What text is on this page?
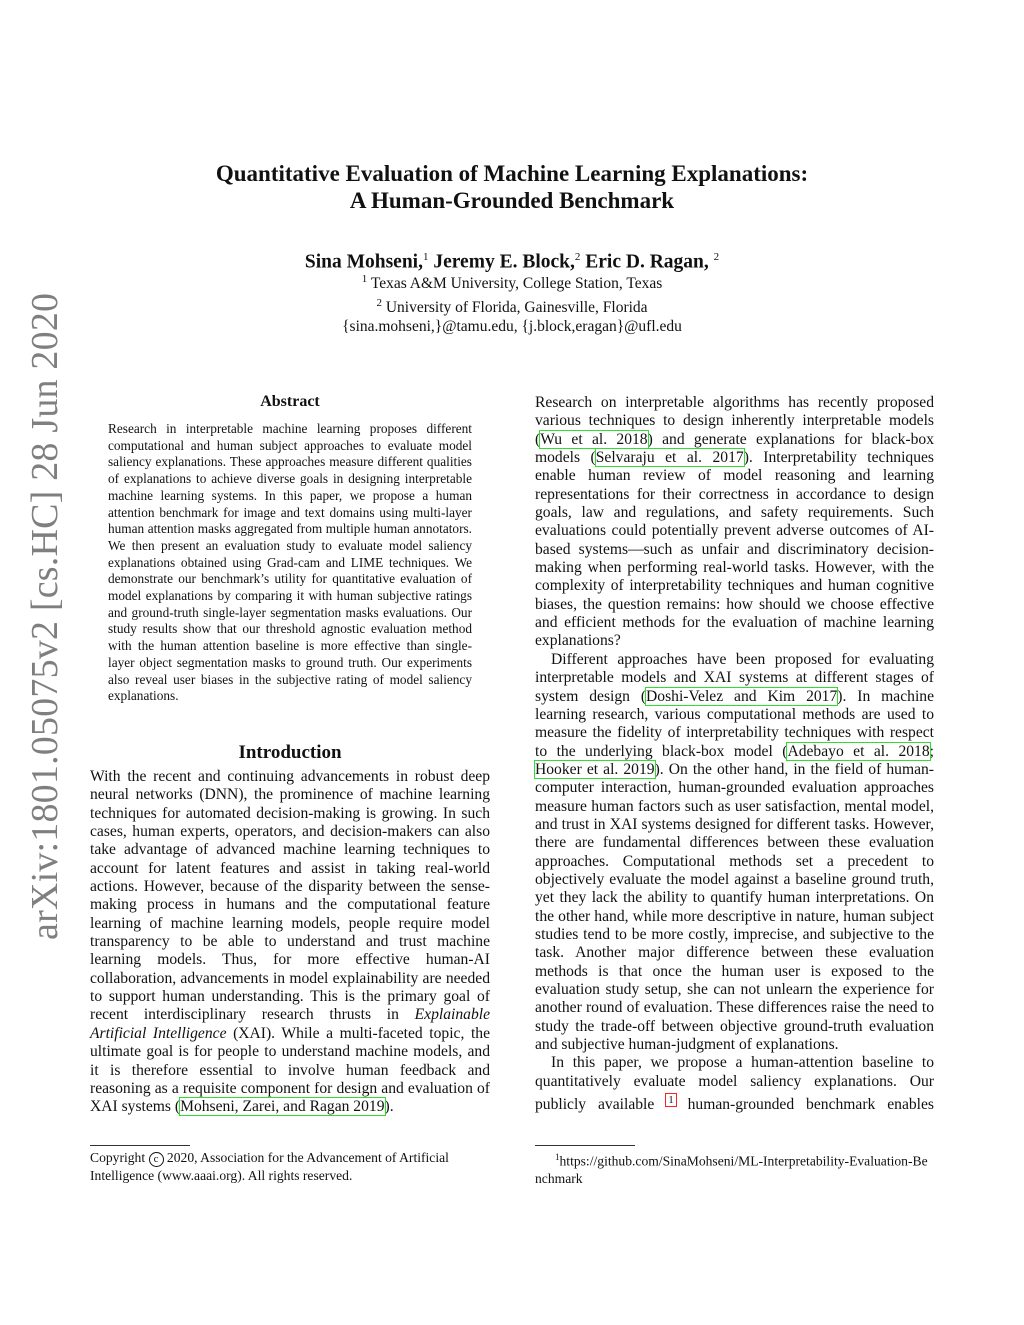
arXiv:1801.05075v2 [cs.HC] 28 Jun 2020
Quantitative Evaluation of Machine Learning Explanations:
A Human-Grounded Benchmark
Sina Mohseni,$^1$ Jeremy E. Block,$^2$ Eric D. Ragan, $^2$
$^1$ Texas A&M University, College Station, Texas
$^2$ University of Florida, Gainesville, Florida
{sina.mohseni,}@tamu.edu, {j.block,eragan}@ufl.edu
Abstract
Research in interpretable machine learning proposes different computational and human subject approaches to evaluate model saliency explanations. These approaches measure different qualities of explanations to achieve diverse goals in designing interpretable machine learning systems. In this paper, we propose a human attention benchmark for image and text domains using multi-layer human attention masks aggregated from multiple human annotators. We then present an evaluation study to evaluate model saliency explanations obtained using Grad-cam and LIME techniques. We demonstrate our benchmark’s utility for quantitative evaluation of model explanations by comparing it with human subjective ratings and ground-truth single-layer segmentation masks evaluations. Our study results show that our threshold agnostic evaluation method with the human attention baseline is more effective than single-layer object segmentation masks to ground truth. Our experiments also reveal user biases in the subjective rating of model saliency explanations.
Introduction

With the recent and continuing advancements in robust deep neural networks (DNN), the prominence of machine learning techniques for automated decision-making is growing. In such cases, human experts, operators, and decision-makers can also take advantage of advanced machine learning techniques to account for latent features and assist in taking real-world actions. However, because of the disparity between the sense-making process in humans and the computational feature learning of machine learning models, people require model transparency to be able to understand and trust machine learning models. Thus, for more effective human-AI collaboration, advancements in model explainability are needed to support human understanding. This is the primary goal of recent interdisciplinary research thrusts in Explainable Artificial Intelligence (XAI). While a multi-faceted topic, the ultimate goal is for people to understand machine models, and it is therefore essential to involve human feedback and reasoning as a requisite component for design and evaluation of XAI systems (Mohseni, Zarei, and Ragan 2019).

Research on interpretable algorithms has recently proposed various techniques to design inherently interpretable models (Wu et al. 2018) and generate explanations for black-box models (Selvaraju et al. 2017). Interpretability techniques enable human review of model reasoning and learning representations for their correctness in accordance to design goals, law and regulations, and safety requirements. Such evaluations could potentially prevent adverse outcomes of AI-based systems—such as unfair and discriminatory decision-making when performing real-world tasks. However, with the complexity of interpretability techniques and human cognitive biases, the question remains: how should we choose effective and efficient methods for the evaluation of machine learning explanations?

Different approaches have been proposed for evaluating interpretable models and XAI systems at different stages of system design (Doshi-Velez and Kim 2017). In machine learning research, various computational methods are used to measure the fidelity of interpretability techniques with respect to the underlying black-box model (Adebayo et al. 2018; Hooker et al. 2019). On the other hand, in the field of human-computer interaction, human-grounded evaluation approaches measure human factors such as user satisfaction, mental model, and trust in XAI systems designed for different tasks. However, there are fundamental differences between these evaluation approaches. Computational methods set a precedent to objectively evaluate the model against a baseline ground truth, yet they lack the ability to quantify human interpretations. On the other hand, while more descriptive in nature, human subject studies tend to be more costly, imprecise, and subjective to the task. Another major difference between these evaluation methods is that once the human user is exposed to the evaluation study setup, she can not unlearn the experience for another round of evaluation. These differences raise the need to study the trade-off between objective ground-truth evaluation and subjective human-judgment of explanations.

In this paper, we propose a human-attention baseline to quantitatively evaluate model saliency explanations. Our publicly available $^1$ human-grounded benchmark enables

Copyright c 2020, Association for the Advancement of Artificial Intelligence (www.aaai.org). All rights reserved.
$^1$https://github.com/SinaMohseni/ML-Interpretability-Evaluation-Benchmark
